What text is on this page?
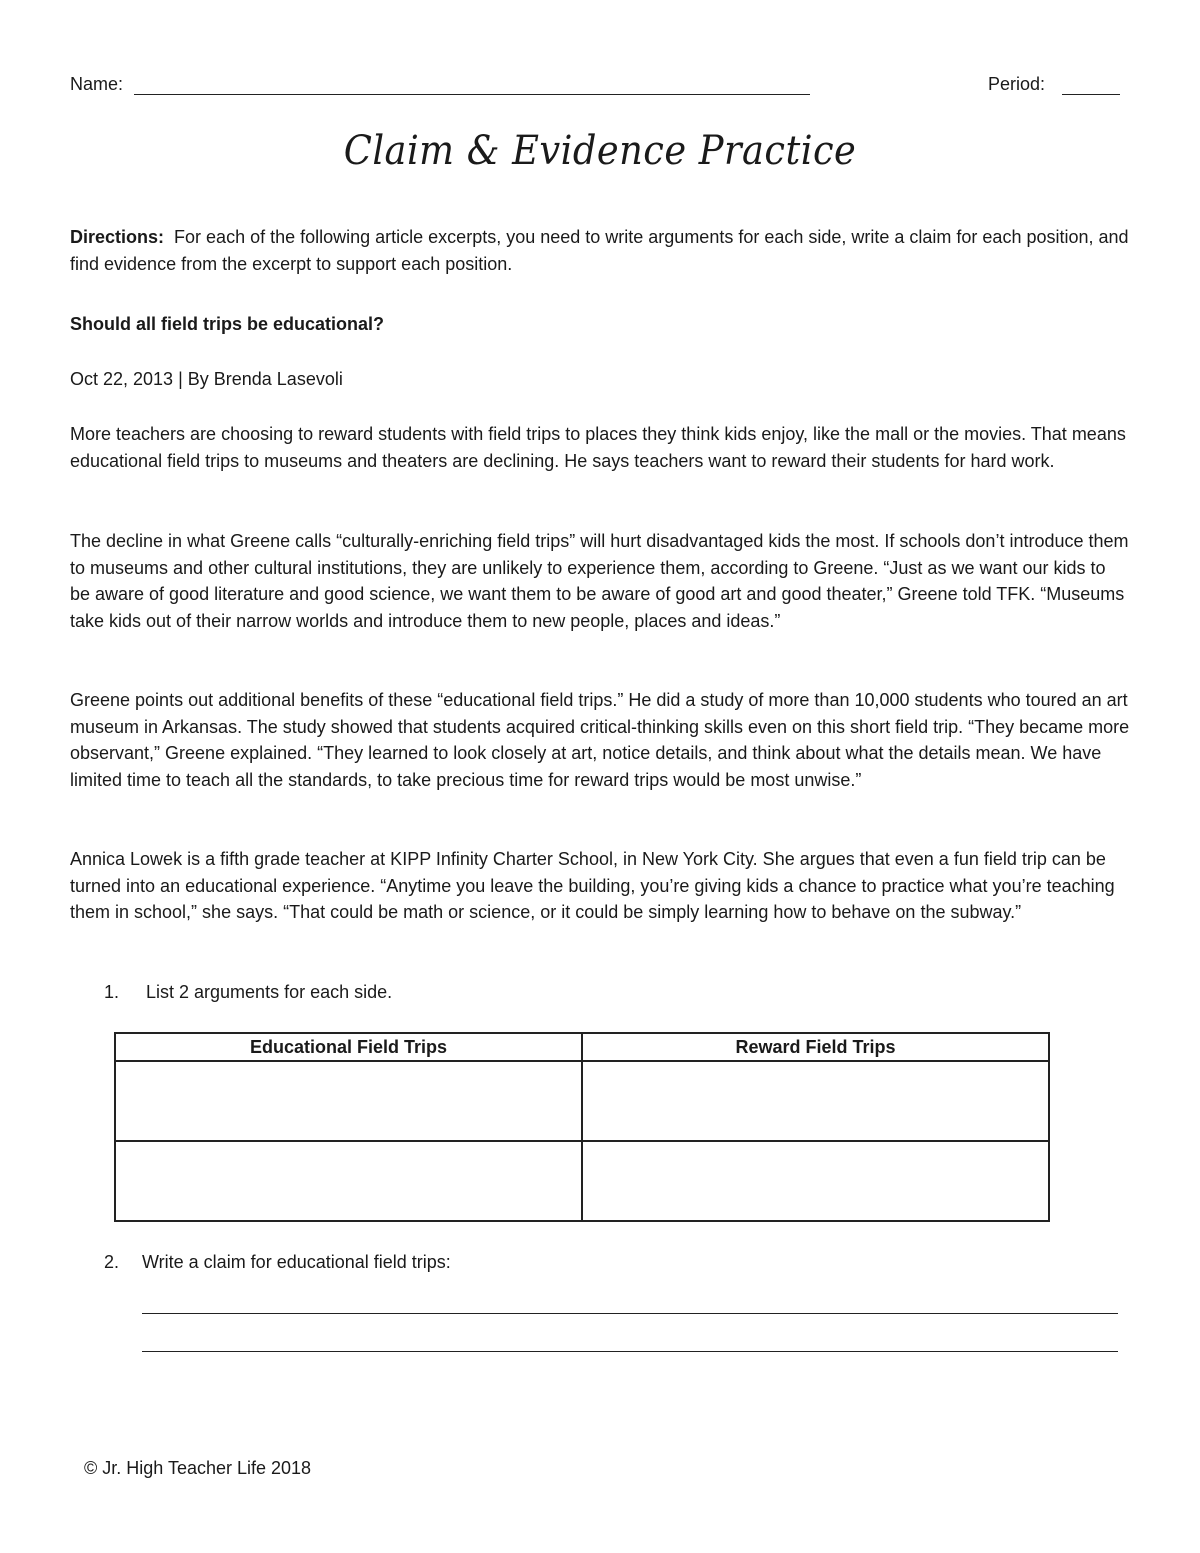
Name:	Period:
Claim & Evidence Practice
Directions: For each of the following article excerpts, you need to write arguments for each side, write a claim for each position, and find evidence from the excerpt to support each position.
Should all field trips be educational?
Oct 22, 2013 | By Brenda Lasevoli
More teachers are choosing to reward students with field trips to places they think kids enjoy, like the mall or the movies. That means educational field trips to museums and theaters are declining. He says teachers want to reward their students for hard work.
The decline in what Greene calls “culturally-enriching field trips” will hurt disadvantaged kids the most. If schools don’t introduce them to museums and other cultural institutions, they are unlikely to experience them, according to Greene. “Just as we want our kids to be aware of good literature and good science, we want them to be aware of good art and good theater,” Greene told TFK. “Museums take kids out of their narrow worlds and introduce them to new people, places and ideas.”
Greene points out additional benefits of these “educational field trips.” He did a study of more than 10,000 students who toured an art museum in Arkansas. The study showed that students acquired critical-thinking skills even on this short field trip. “They became more observant,” Greene explained. “They learned to look closely at art, notice details, and think about what the details mean. We have limited time to teach all the standards, to take precious time for reward trips would be most unwise.”
Annica Lowek is a fifth grade teacher at KIPP Infinity Charter School, in New York City. She argues that even a fun field trip can be turned into an educational experience. “Anytime you leave the building, you’re giving kids a chance to practice what you’re teaching them in school,” she says. “That could be math or science, or it could be simply learning how to behave on the subway.”
1. List 2 arguments for each side.
Educational Field Trips	Reward Field Trips

2. Write a claim for educational field trips:
© Jr. High Teacher Life 2018
